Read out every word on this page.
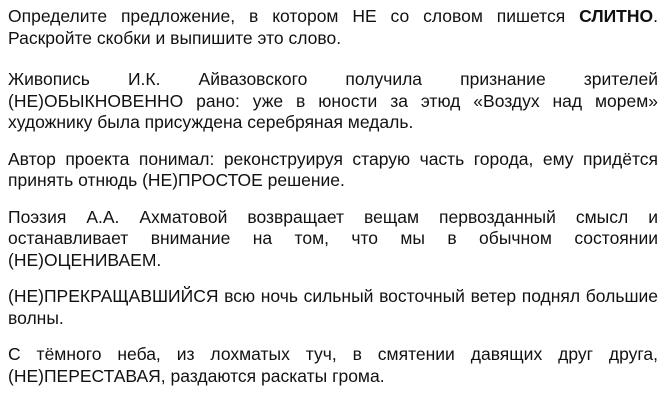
Определите предложение, в котором НЕ со словом пишется СЛИТНО. Раскройте скобки и выпишите это слово.

Живопись И.К. Айвазовского получила признание зрителей (НЕ)ОБЫКНОВЕННО рано: уже в юности за этюд «Воздух над морем» художнику была присуждена серебряная медаль.

Автор проекта понимал: реконструируя старую часть города, ему придётся принять отнюдь (НЕ)ПРОСТОЕ решение.

Поэзия А.А. Ахматовой возвращает вещам первозданный смысл и останавливает внимание на том, что мы в обычном состоянии (НЕ)ОЦЕНИВАЕМ.

(НЕ)ПРЕКРАЩАВШИЙСЯ всю ночь сильный восточный ветер поднял большие волны.

С тёмного неба, из лохматых туч, в смятении давящих друг друга, (НЕ)ПЕРЕСТАВАЯ, раздаются раскаты грома.
